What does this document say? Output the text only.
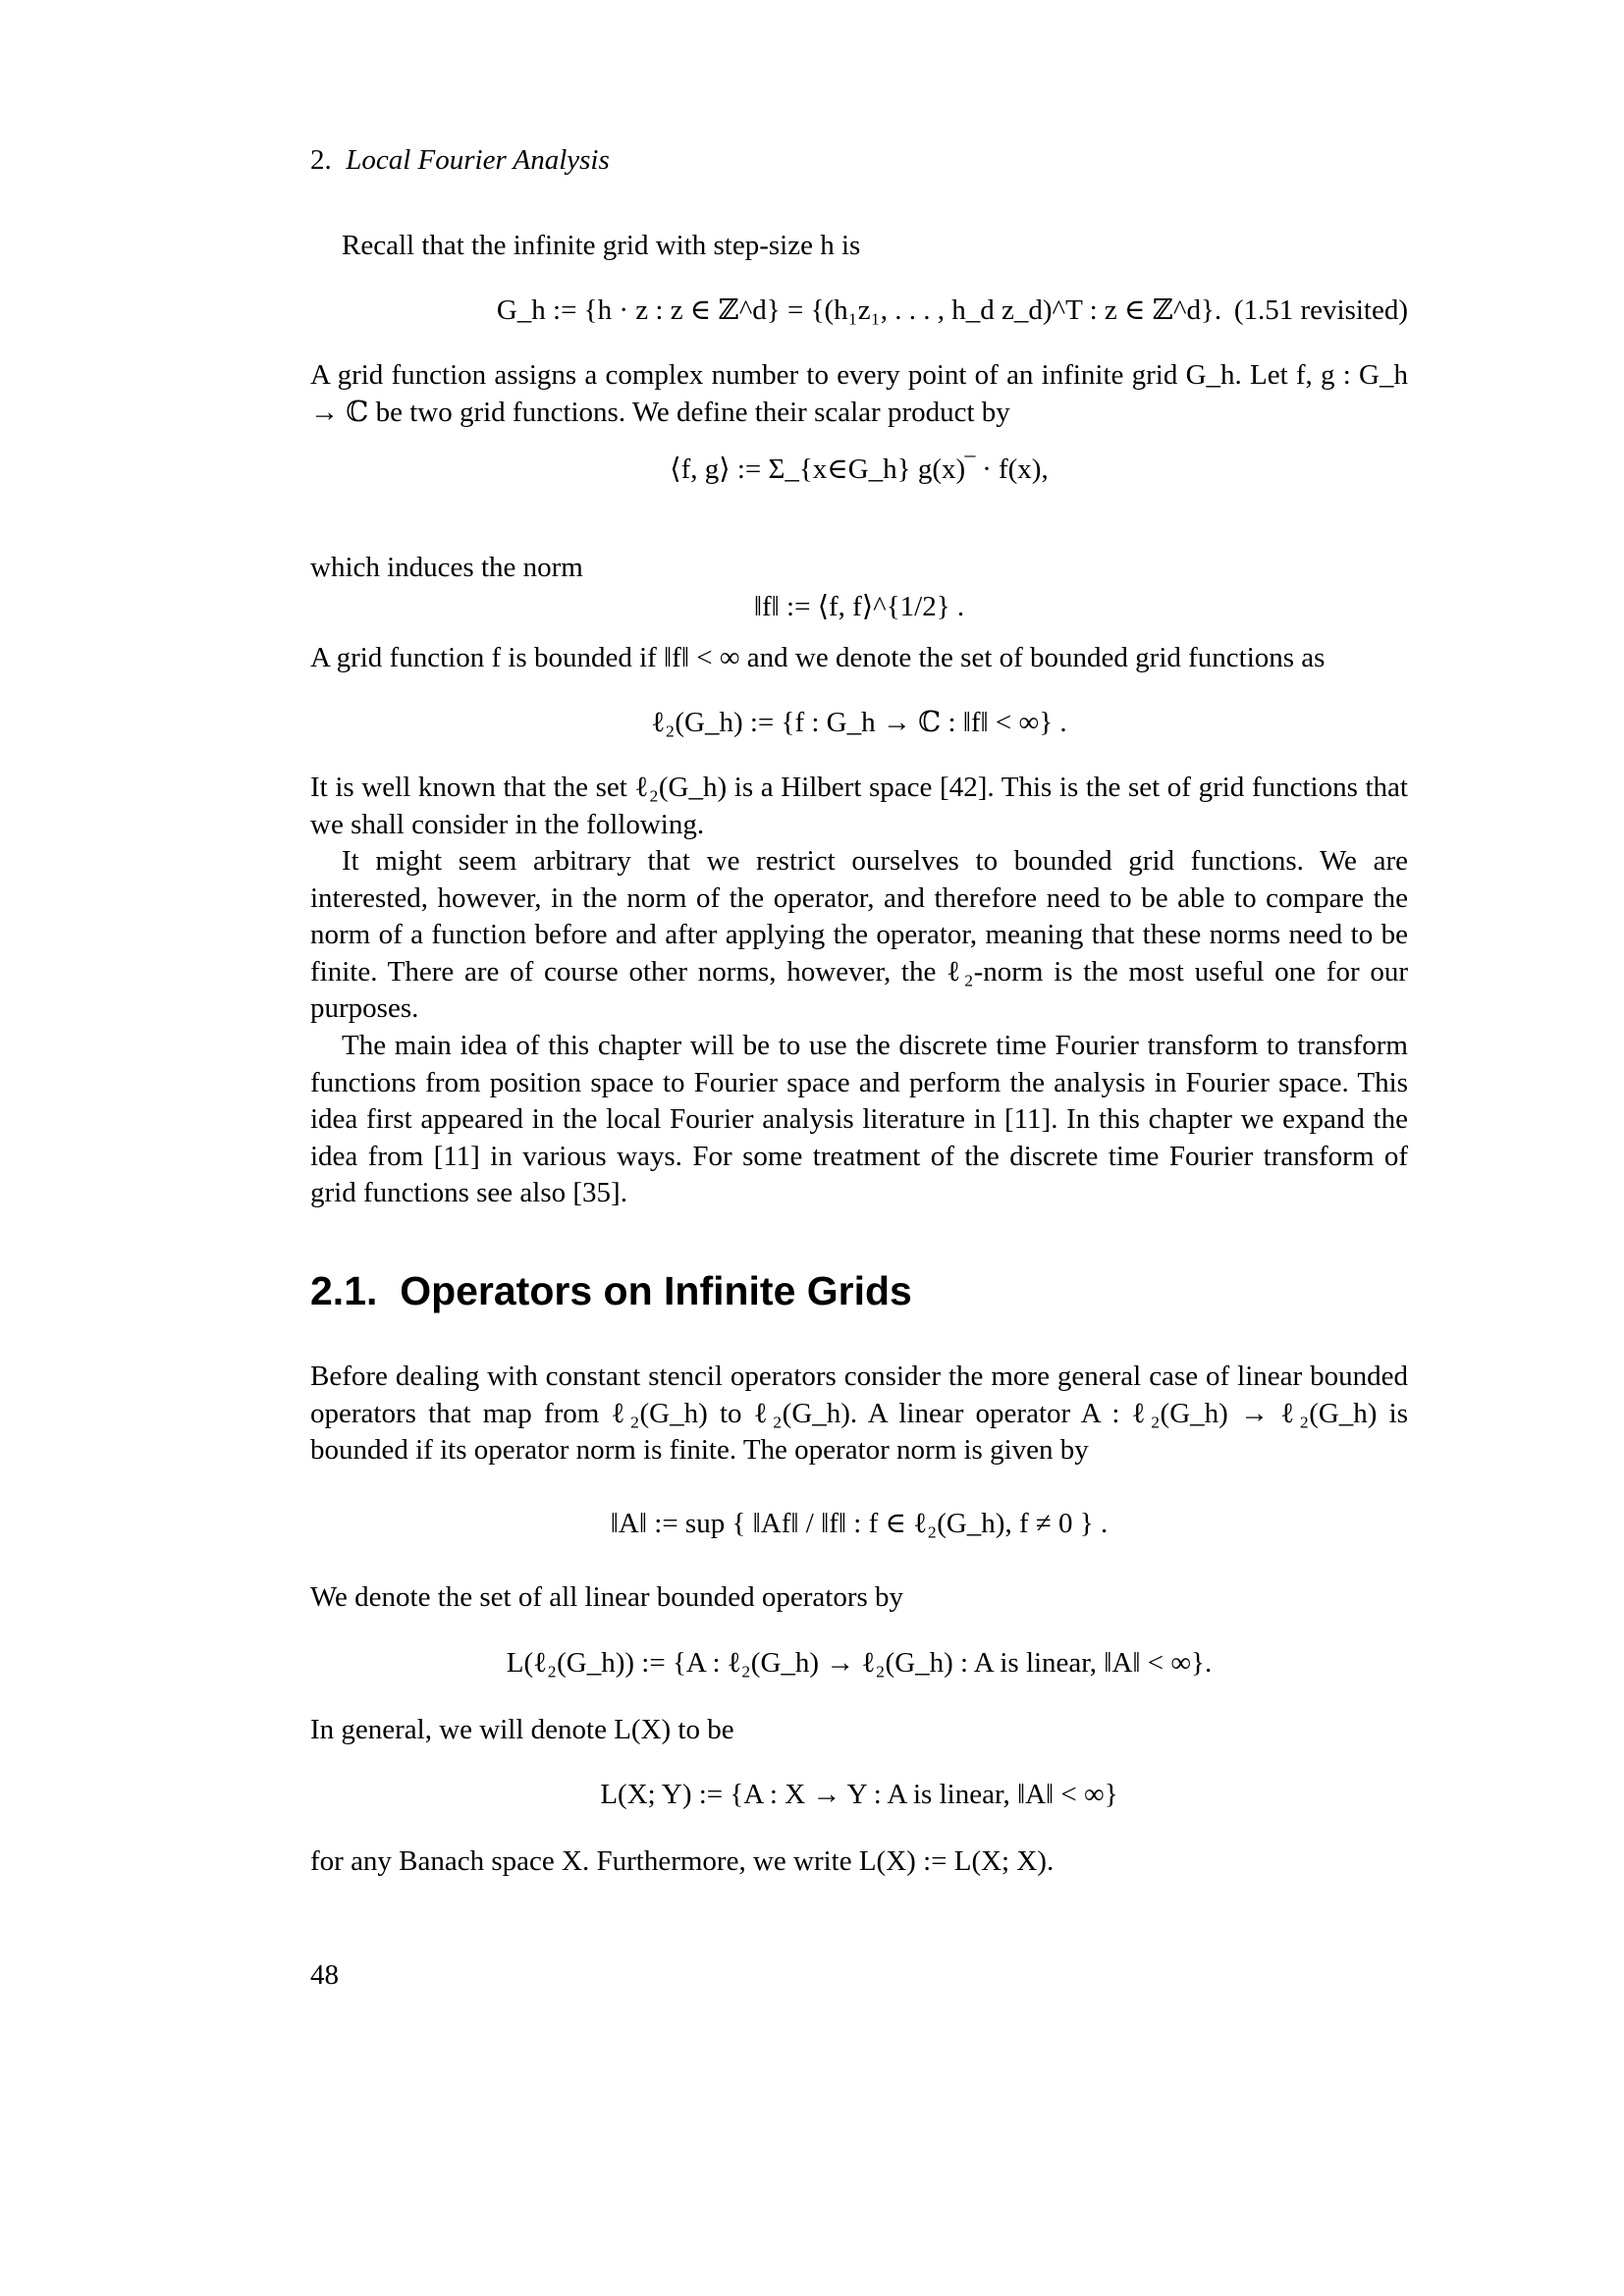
2. Local Fourier Analysis

Recall that the infinite grid with step-size h is

G_h := {h · z : z ∈ ℤ^d} = {(h₁z₁, . . . , h_d z_d)^T : z ∈ ℤ^d}. (1.51 revisited)

A grid function assigns a complex number to every point of an infinite grid G_h. Let f, g : G_h → ℂ be two grid functions. We define their scalar product by

⟨f, g⟩ := Σ_{x∈G_h} g(x)‾ · f(x),

which induces the norm

‖f‖ := ⟨f, f⟩^{1/2} .

A grid function f is bounded if ‖f‖ < ∞ and we denote the set of bounded grid functions as

ℓ₂(G_h) := {f : G_h → ℂ : ‖f‖ < ∞} .

It is well known that the set ℓ₂(G_h) is a Hilbert space [42]. This is the set of grid functions that we shall consider in the following.

It might seem arbitrary that we restrict ourselves to bounded grid functions. We are interested, however, in the norm of the operator, and therefore need to be able to compare the norm of a function before and after applying the operator, meaning that these norms need to be finite. There are of course other norms, however, the ℓ₂-norm is the most useful one for our purposes.

The main idea of this chapter will be to use the discrete time Fourier transform to transform functions from position space to Fourier space and perform the analysis in Fourier space. This idea first appeared in the local Fourier analysis literature in [11]. In this chapter we expand the idea from [11] in various ways. For some treatment of the discrete time Fourier transform of grid functions see also [35].

2.1. Operators on Infinite Grids

Before dealing with constant stencil operators consider the more general case of linear bounded operators that map from ℓ₂(G_h) to ℓ₂(G_h). A linear operator A : ℓ₂(G_h) → ℓ₂(G_h) is bounded if its operator norm is finite. The operator norm is given by

‖A‖ := sup { ‖Af‖ / ‖f‖ : f ∈ ℓ₂(G_h), f ≠ 0 } .

We denote the set of all linear bounded operators by

L(ℓ₂(G_h)) := {A : ℓ₂(G_h) → ℓ₂(G_h) : A is linear, ‖A‖ < ∞}.

In general, we will denote L(X) to be

L(X; Y) := {A : X → Y : A is linear, ‖A‖ < ∞}

for any Banach space X. Furthermore, we write L(X) := L(X; X).

48
